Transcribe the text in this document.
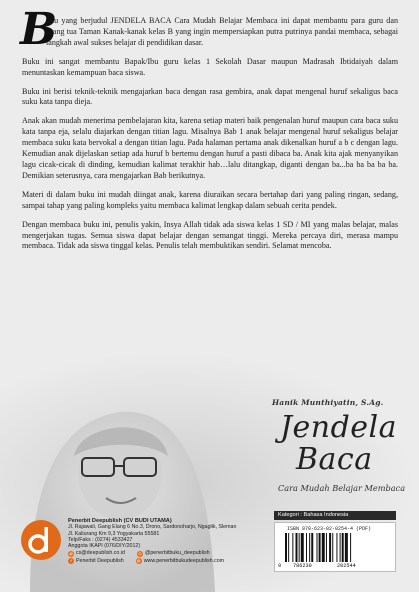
B
uku yang berjudul JENDELA BACA Cara Mudah Belajar Membaca ini dapat membantu para guru dan orang tua Taman Kanak-kanak kelas B yang ingin mempersiapkan putra putrinya pandai membaca, sebagai langkah awal sukses belajar di pendidikan dasar.

Buku ini sangat membantu Bapak/Ibu guru kelas 1 Sekolah Dasar maupun Madrasah Ibtidaiyah dalam menuntaskan kemampuan baca siswa.

Buku ini berisi teknik-teknik mengajarkan baca dengan rasa gembira, anak dapat mengenal huruf sekaligus baca suku kata tanpa dieja.

Anak akan mudah menerima pembelajaran kita, karena setiap materi baik pengenalan huruf maupun cara baca suku kata tanpa eja, selalu diajarkan dengan titian lagu. Misalnya Bab 1 anak belajar mengenal huruf sekaligus belajar membaca suku kata bervokal a dengan titian lagu. Pada halaman pertama anak dikenalkan huruf a b c dengan lagu. Kemudian anak dijelaskan setiap ada huruf b bertemu dengan huruf a pasti dibaca ba. Anak kita ajak menyanyikan lagu cicak-cicak di dinding, kemudian kalimat terakhir hab…lalu ditangkap, diganti dengan ba...ba ba ba ba ba. Demikian seterusnya, cara mengajarkan Bab berikutnya.

Materi di dalam buku ini mudah diingat anak, karena diuraikan secara bertahap dari yang paling ringan, sedang, sampai tahap yang paling kompleks yaitu membaca kalimat lengkap dalam sebuah cerita pendek.

Dengan membaca buku ini, penulis yakin, Insya Allah tidak ada siswa kelas 1 SD / MI yang malas belajar, malas mengerjakan tugas. Semua siswa dapat belajar dengan semangat tinggi. Mereka percaya diri, merasa mampu membaca. Tidak ada siswa tinggal kelas. Penulis telah membuktikan sendiri. Selamat mencoba.

Hanik Munthiyatin, S.Ag.
Jendela
Baca
Cara Mudah Belajar Membaca
Kategori : Bahasa Indonesia
ISBN 978-623-02-0254-4 (PDF)
9 786230	202544
Penerbit Deepublish (CV BUDI UTAMA)
Jl. Rajawali, Gang Elang 6 No.3, Drono, Sardonoharjo, Ngaglik, Sleman
Jl. Kaliurang Km 9,3 Yogyakarta 55581
Telp/Faks : (0274) 4533427
Anggota IKAPI (076/DIY/2012)
@ cs@deepublish.co.id	◎ @penerbitbuku_deepublish
f Penerbit Deepublish	◍ www.penerbitbukudeepublish.com
